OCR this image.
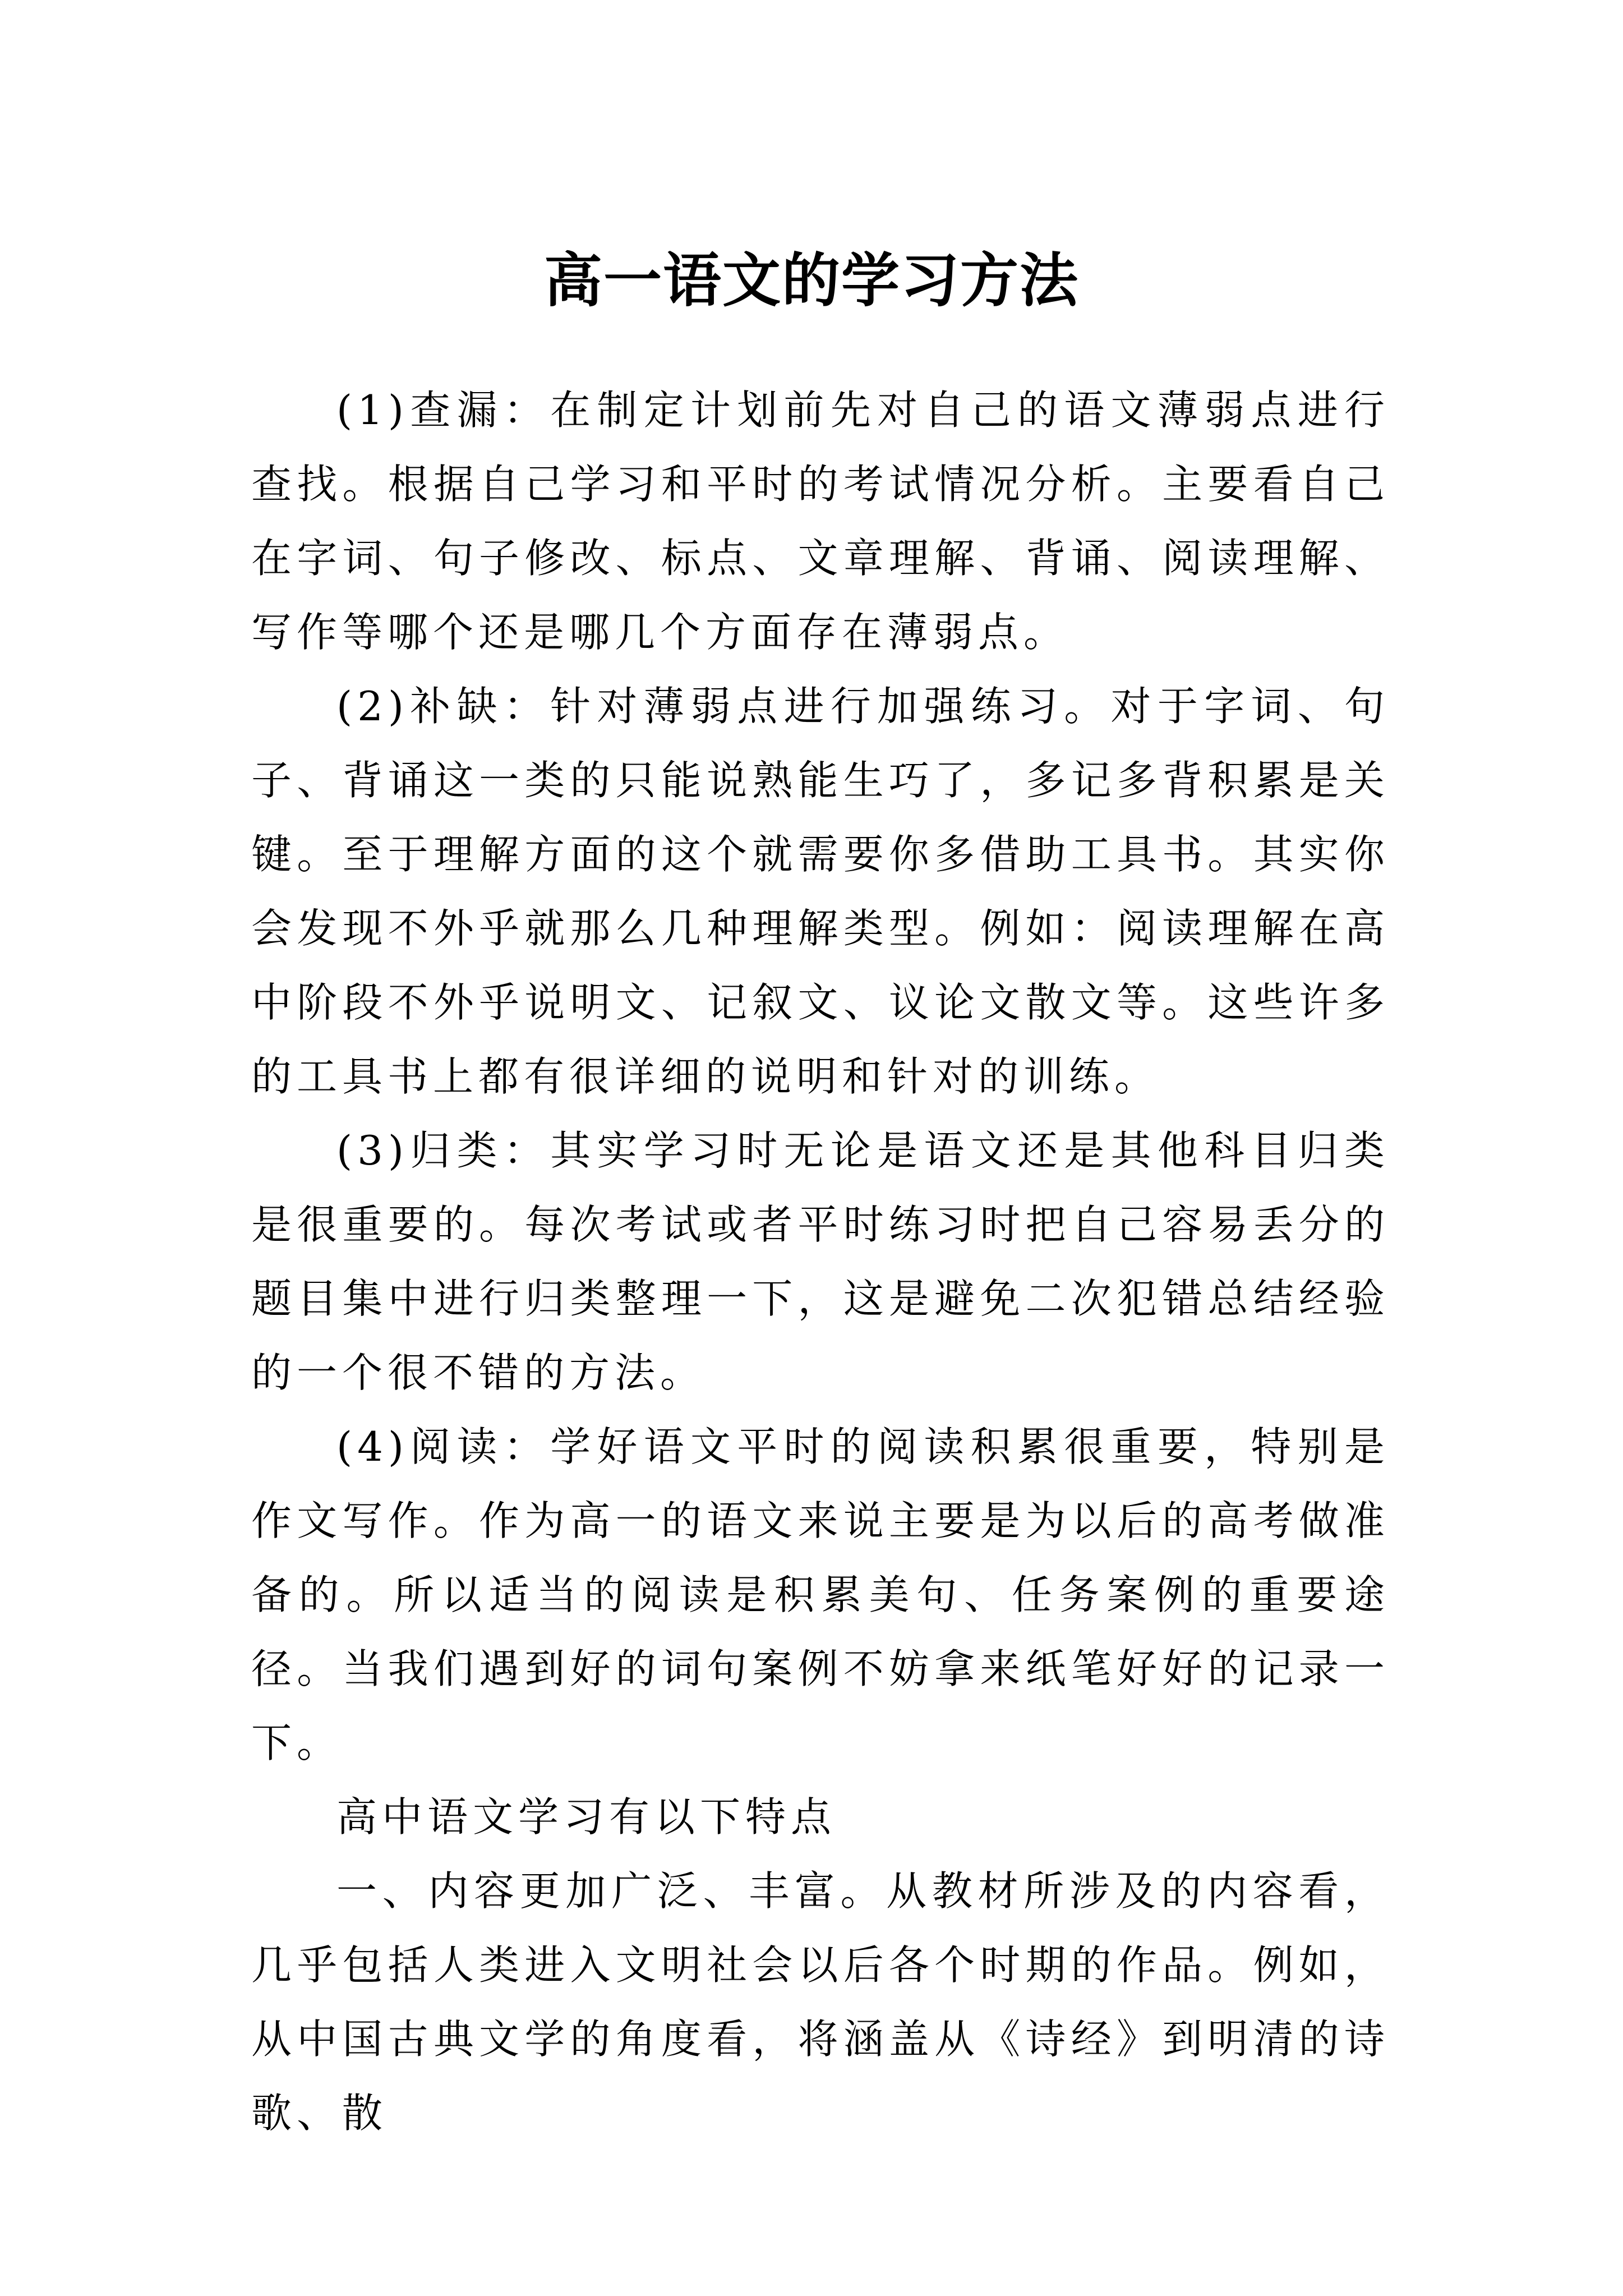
高一语文的学习方法

(1)查漏：在制定计划前先对自己的语文薄弱点进行查找。根据自己学习和平时的考试情况分析。主要看自己在字词、句子修改、标点、文章理解、背诵、阅读理解、写作等哪个还是哪几个方面存在薄弱点。

(2)补缺：针对薄弱点进行加强练习。对于字词、句子、背诵这一类的只能说熟能生巧了，多记多背积累是关键。至于理解方面的这个就需要你多借助工具书。其实你会发现不外乎就那么几种理解类型。例如：阅读理解在高中阶段不外乎说明文、记叙文、议论文散文等。这些许多的工具书上都有很详细的说明和针对的训练。

(3)归类：其实学习时无论是语文还是其他科目归类是很重要的。每次考试或者平时练习时把自己容易丢分的题目集中进行归类整理一下，这是避免二次犯错总结经验的一个很不错的方法。

(4)阅读：学好语文平时的阅读积累很重要，特别是作文写作。作为高一的语文来说主要是为以后的高考做准备的。所以适当的阅读是积累美句、任务案例的重要途径。当我们遇到好的词句案例不妨拿来纸笔好好的记录一下。

高中语文学习有以下特点

一、内容更加广泛、丰富。从教材所涉及的内容看，几乎包括人类进入文明社会以后各个时期的作品。例如，从中国古典文学的角度看，将涵盖从《诗经》到明清的诗歌、散
